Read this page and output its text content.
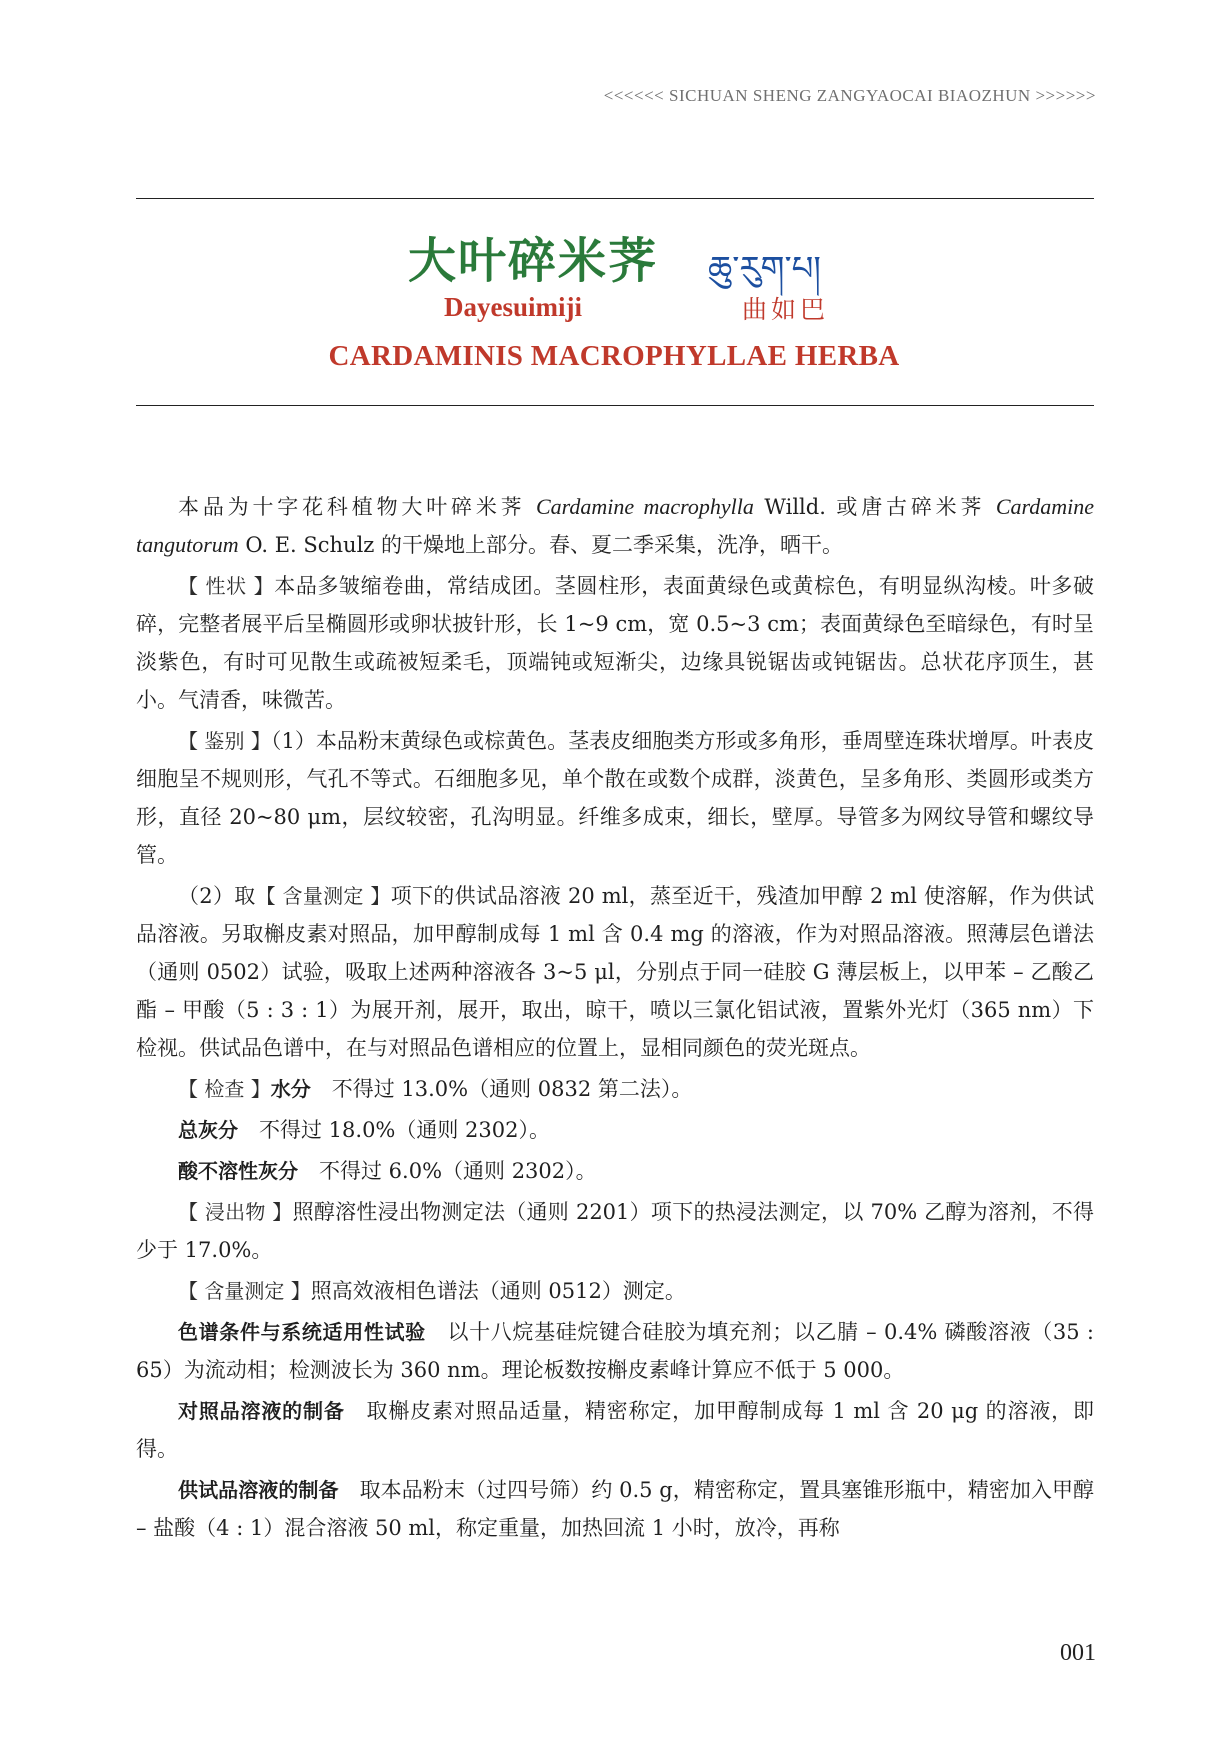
<<<<<< SICHUAN SHENG ZANGYAOCAI BIAOZHUN >>>>>>
大叶碎米荠 ཆུ་རུག་པ།
Dayesuimiji	曲如巴
CARDAMINIS MACROPHYLLAE HERBA

本品为十字花科植物大叶碎米荠 Cardamine macrophylla Willd. 或唐古碎米荠 Cardamine tangutorum O. E. Schulz 的干燥地上部分。春、夏二季采集，洗净，晒干。

【 性状 】本品多皱缩卷曲，常结成团。茎圆柱形，表面黄绿色或黄棕色，有明显纵沟棱。叶多破碎，完整者展平后呈椭圆形或卵状披针形，长 1~9 cm，宽 0.5~3 cm；表面黄绿色至暗绿色，有时呈淡紫色，有时可见散生或疏被短柔毛，顶端钝或短渐尖，边缘具锐锯齿或钝锯齿。总状花序顶生，甚小。气清香，味微苦。

【 鉴别 】（1）本品粉末黄绿色或棕黄色。茎表皮细胞类方形或多角形，垂周壁连珠状增厚。叶表皮细胞呈不规则形，气孔不等式。石细胞多见，单个散在或数个成群，淡黄色，呈多角形、类圆形或类方形，直径 20~80 μm，层纹较密，孔沟明显。纤维多成束，细长，壁厚。导管多为网纹导管和螺纹导管。

（2）取【 含量测定 】项下的供试品溶液 20 ml，蒸至近干，残渣加甲醇 2 ml 使溶解，作为供试品溶液。另取槲皮素对照品，加甲醇制成每 1 ml 含 0.4 mg 的溶液，作为对照品溶液。照薄层色谱法（通则 0502）试验，吸取上述两种溶液各 3~5 μl，分别点于同一硅胶 G 薄层板上，以甲苯 – 乙酸乙酯 – 甲酸（5 : 3 : 1）为展开剂，展开，取出，晾干，喷以三氯化铝试液，置紫外光灯（365 nm）下检视。供试品色谱中，在与对照品色谱相应的位置上，显相同颜色的荧光斑点。

【 检查 】水分　 不得过 13.0%（通则 0832 第二法）。

总灰分　 不得过 18.0%（通则 2302）。

酸不溶性灰分　 不得过 6.0%（通则 2302）。

【 浸出物 】照醇溶性浸出物测定法（通则 2201）项下的热浸法测定，以 70% 乙醇为溶剂，不得少于 17.0%。

【 含量测定 】照高效液相色谱法（通则 0512）测定。

色谱条件与系统适用性试验　 以十八烷基硅烷键合硅胶为填充剂；以乙腈 – 0.4% 磷酸溶液（35 : 65）为流动相；检测波长为 360 nm。理论板数按槲皮素峰计算应不低于 5 000。

对照品溶液的制备　 取槲皮素对照品适量，精密称定，加甲醇制成每 1 ml 含 20 μg 的溶液，即得。

供试品溶液的制备　 取本品粉末（过四号筛）约 0.5 g，精密称定，置具塞锥形瓶中，精密加入甲醇 – 盐酸（4 : 1）混合溶液 50 ml，称定重量，加热回流 1 小时，放冷，再称

001
